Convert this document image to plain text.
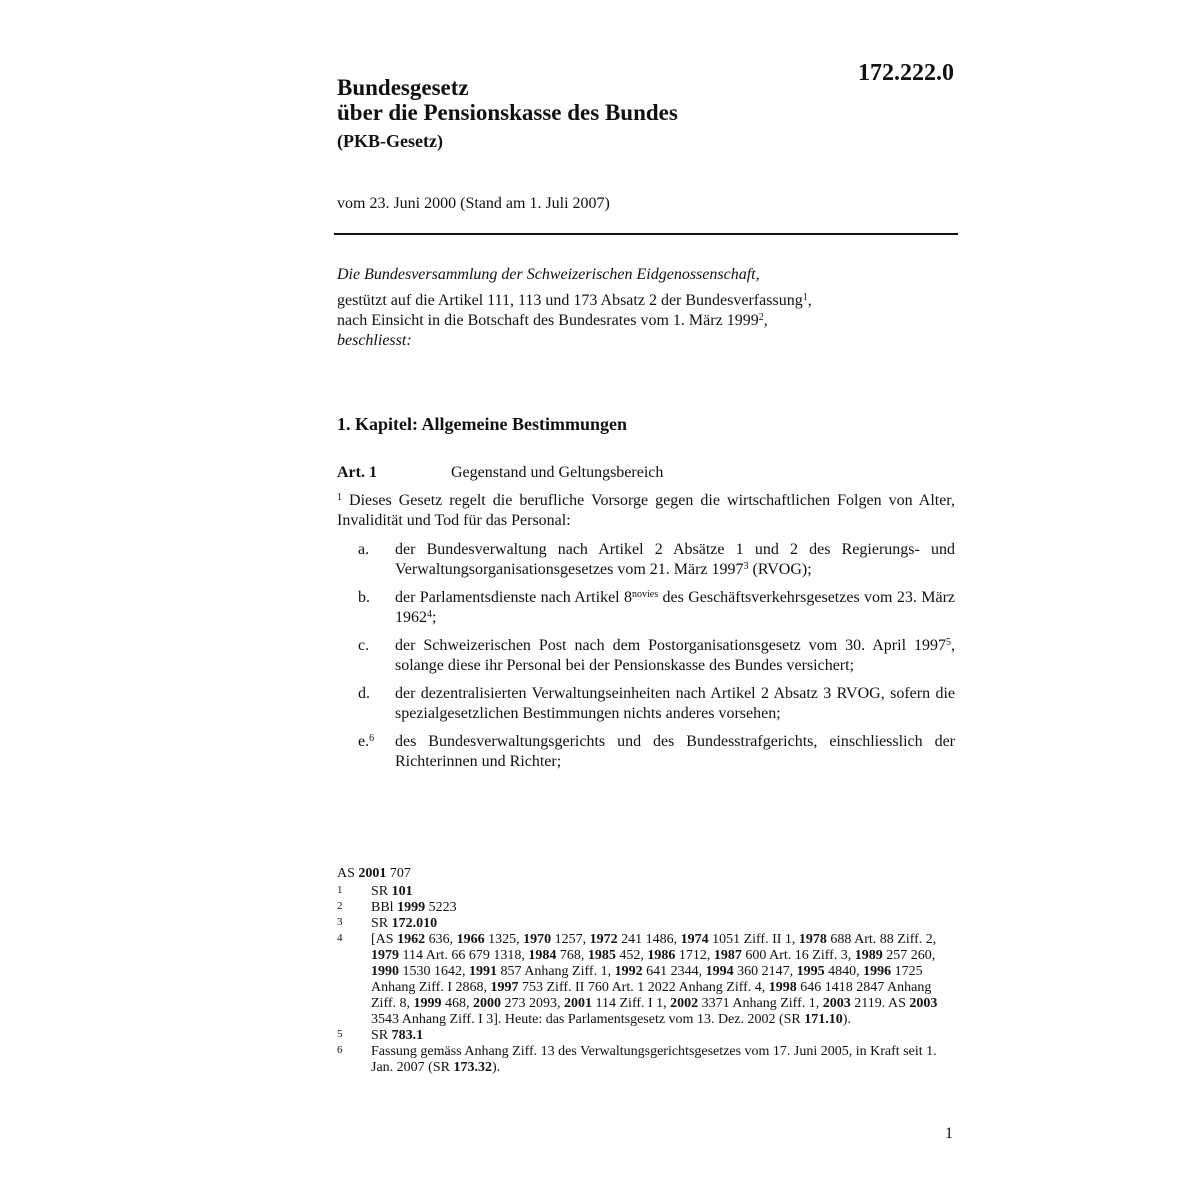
172.222.0
Bundesgesetz
über die Pensionskasse des Bundes
(PKB-Gesetz)
vom 23. Juni 2000 (Stand am 1. Juli 2007)

Die Bundesversammlung der Schweizerischen Eidgenossenschaft,

gestützt auf die Artikel 111, 113 und 173 Absatz 2 der Bundesverfassung$^1$,

nach Einsicht in die Botschaft des Bundesrates vom 1. März 1999$^2$,

beschliesst:

1. Kapitel: Allgemeine Bestimmungen
Art. 1	Gegenstand und Geltungsbereich
$^1$ Dieses Gesetz regelt die berufliche Vorsorge gegen die wirtschaftlichen Folgen von Alter, Invalidität und Tod für das Personal:
a. der Bundesverwaltung nach Artikel 2 Absätze 1 und 2 des Regierungs- und Verwaltungsorganisationsgesetzes vom 21. März 1997$^3$ (RVOG);
b. der Parlamentsdienste nach Artikel $8^{novies}$ des Geschäftsverkehrsgesetzes vom 23. März 1962$^4$;
c. der Schweizerischen Post nach dem Postorganisationsgesetz vom 30. April 1997$^5$, solange diese ihr Personal bei der Pensionskasse des Bundes versichert;
d. der dezentralisierten Verwaltungseinheiten nach Artikel 2 Absatz 3 RVOG, sofern die spezialgesetzlichen Bestimmungen nichts anderes vorsehen;
e.$^6$ des Bundesverwaltungsgerichts und des Bundesstrafgerichts, einschliesslich der Richterinnen und Richter;
AS 2001 707
1 SR 101
2 BBl 1999 5223
3 SR 172.010
4 [AS 1962 636, 1966 1325, 1970 1257, 1972 241 1486, 1974 1051 Ziff. II 1, 1978 688 Art. 88 Ziff. 2, 1979 114 Art. 66 679 1318, 1984 768, 1985 452, 1986 1712, 1987 600 Art. 16 Ziff. 3, 1989 257 260, 1990 1530 1642, 1991 857 Anhang Ziff. 1, 1992 641 2344, 1994 360 2147, 1995 4840, 1996 1725 Anhang Ziff. I 2868, 1997 753 Ziff. II 760 Art. 1 2022 Anhang Ziff. 4, 1998 646 1418 2847 Anhang Ziff. 8, 1999 468, 2000 273 2093, 2001 114 Ziff. I 1, 2002 3371 Anhang Ziff. 1, 2003 2119. AS 2003 3543 Anhang Ziff. I 3]. Heute: das Parlamentsgesetz vom 13. Dez. 2002 (SR 171.10).
5 SR 783.1
6 Fassung gemäss Anhang Ziff. 13 des Verwaltungsgerichtsgesetzes vom 17. Juni 2005, in Kraft seit 1. Jan. 2007 (SR 173.32).
1
